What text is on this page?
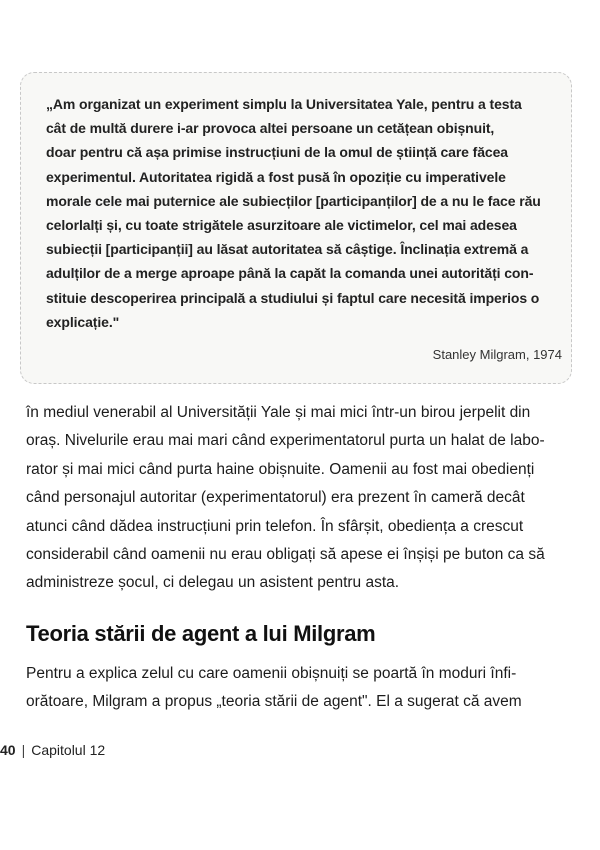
„Am organizat un experiment simplu la Universitatea Yale, pentru a testa
cât de multă durere i-ar provoca altei persoane un cetățean obișnuit,
doar pentru că așa primise instrucțiuni de la omul de știință care făcea
experimentul. Autoritatea rigidă a fost pusă în opoziție cu imperativele
morale cele mai puternice ale subiecților [participanților] de a nu le face rău
celorlalți și, cu toate strigătele asurzitoare ale victimelor, cel mai adesea
subiecții [participanții] au lăsat autoritatea să câștige. Înclinația extremă a
adulților de a merge aproape până la capăt la comanda unei autorități con-
stituie descoperirea principală a studiului și faptul care necesită imperios o
explicație."
Stanley Milgram, 1974
în mediul venerabil al Universității Yale și mai mici într-un birou jerpelit din
oraș. Nivelurile erau mai mari când experimentatorul purta un halat de labo-
rator și mai mici când purta haine obișnuite. Oamenii au fost mai obedienți
când personajul autoritar (experimentatorul) era prezent în cameră decât
atunci când dădea instrucțiuni prin telefon. În sfârșit, obediența a crescut
considerabil când oamenii nu erau obligați să apese ei înșiși pe buton ca să
administreze șocul, ci delegau un asistent pentru asta.
Teoria stării de agent a lui Milgram
Pentru a explica zelul cu care oamenii obișnuiți se poartă în moduri înfi-
orătoare, Milgram a propus „teoria stării de agent". El a sugerat că avem
40 | Capitolul 12
